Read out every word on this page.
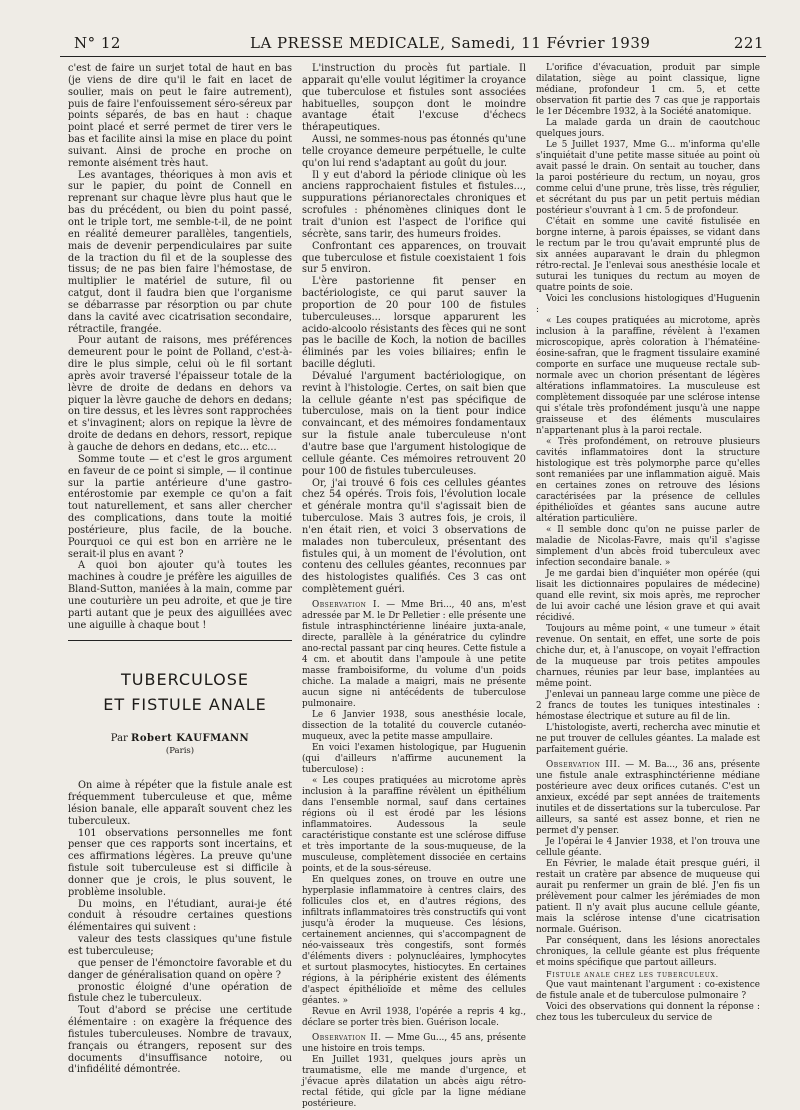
N° 12	LA PRESSE MEDICALE, Samedi, 11 Février 1939	221

c'est de faire un surjet total de haut en bas (je viens de dire qu'il le fait en lacet de soulier, mais on peut le faire autrement), puis de faire l'enfouissement séro-séreux par points séparés, de bas en haut : chaque point placé et serré permet de tirer vers le bas et facilite ainsi la mise en place du point suivant. Ainsi de proche en proche on remonte aisément très haut.

Les avantages, théoriques à mon avis et sur le papier, du point de Connell en reprenant sur chaque lèvre plus haut que le bas du précédent, ou bien du point passé, ont le triple tort, me semble-t-il, de ne point en réalité demeurer parallèles, tangentiels, mais de devenir perpendiculaires par suite de la traction du fil et de la souplesse des tissus; de ne pas bien faire l'hémostase, de multiplier le matériel de suture, fil ou catgut, dont il faudra bien que l'organisme se débarrasse par résorption ou par chute dans la cavité avec cicatrisation secondaire, rétractile, frangée.

Pour autant de raisons, mes préférences demeurent pour le point de Polland, c'est-à-dire le plus simple, celui où le fil sortant après avoir traversé l'épaisseur totale de la lèvre de droite de dedans en dehors va piquer la lèvre gauche de dehors en dedans; on tire dessus, et les lèvres sont rapprochées et s'invaginent; alors on repique la lèvre de droite de dedans en dehors, ressort, repique à gauche de dehors en dedans, etc... etc...

Somme toute — et c'est le gros argument en faveur de ce point si simple, — il continue sur la partie antérieure d'une gastro-entérostomie par exemple ce qu'on a fait tout naturellement, et sans aller chercher des complications, dans toute la moitié postérieure, plus facile, de la bouche. Pourquoi ce qui est bon en arrière ne le serait-il plus en avant ?

A quoi bon ajouter qu'à toutes les machines à coudre je préfère les aiguilles de Bland-Sutton, maniées à la main, comme par une couturière un peu adroite, et que je tire parti autant que je peux des aiguillées avec une aiguille à chaque bout !

TUBERCULOSE

ET FISTULE ANALE

Par Robert KAUFMANN
(Paris)

On aime à répéter que la fistule anale est fréquemment tuberculeuse et que, même lésion banale, elle apparaît souvent chez les tuberculeux.

101 observations personnelles me font penser que ces rapports sont incertains, et ces affirmations légères. La preuve qu'une fistule soit tuberculeuse est si difficile à donner que je crois, le plus souvent, le problème insoluble.

Du moins, en l'étudiant, aurai-je été conduit à résoudre certaines questions élémentaires qui suivent :

valeur des tests classiques qu'une fistule est tuberculeuse;

que penser de l'émonctoire favorable et du danger de généralisation quand on opère ?

pronostic éloigné d'une opération de fistule chez le tuberculeux.

Tout d'abord se précise une certitude élémentaire : on exagère la fréquence des fistules tuberculeuses. Nombre de travaux, français ou étrangers, reposent sur des documents d'insuffisance notoire, ou d'infidélité démontrée.

L'instruction du procès fut partiale. Il apparait qu'elle voulut légitimer la croyance que tuberculose et fistules sont associées habituelles, soupçon dont le moindre avantage était l'excuse d'échecs thérapeutiques.

Aussi, ne sommes-nous pas étonnés qu'une telle croyance demeure perpétuelle, le culte qu'on lui rend s'adaptant au goût du jour.

Il y eut d'abord la période clinique où les anciens rapprochaient fistules et fistules..., suppurations périanorectales chroniques et scrofules : phénomènes cliniques dont le trait d'union est l'aspect de l'orifice qui sécrète, sans tarir, des humeurs froides.

Confrontant ces apparences, on trouvait que tuberculose et fistule coexistaient 1 fois sur 5 environ.

L'ère pastorienne fit penser en bactériologiste, ce qui parut sauver la proportion de 20 pour 100 de fistules tuberculeuses... lorsque apparurent les acido-alcoolo résistants des fèces qui ne sont pas le bacille de Koch, la notion de bacilles éliminés par les voies biliaires; enfin le bacille dégluti.

Dévalué l'argument bactériologique, on revint à l'histologie. Certes, on sait bien que la cellule géante n'est pas spécifique de tuberculose, mais on la tient pour indice convaincant, et des mémoires fondamentaux sur la fistule anale tuberculeuse n'ont d'autre base que l'argument histologique de cellule géante. Ces mémoires retrouvent 20 pour 100 de fistules tuberculeuses.

Or, j'ai trouvé 6 fois ces cellules géantes chez 54 opérés. Trois fois, l'évolution locale et générale montra qu'il s'agissait bien de tuberculose. Mais 3 autres fois, je crois, il n'en était rien, et voici 3 observations de malades non tuberculeux, présentant des fistules qui, à un moment de l'évolution, ont contenu des cellules géantes, reconnues par des histologistes qualifiés. Ces 3 cas ont complètement guéri.

Observation I. — Mme Bri..., 40 ans, m'est adressée par M. le Dr Pelletier : elle présente une fistule intrasphinctérienne linéaire juxta-anale, directe, parallèle à la génératrice du cylindre ano-rectal passant par cinq heures. Cette fistule a 4 cm. et aboutit dans l'ampoule à une petite masse framboisiforme, du volume d'un poids chiche. La malade a maigri, mais ne présente aucun signe ni antécédents de tuberculose pulmonaire.

Le 6 Janvier 1938, sous anesthésie locale, dissection de la totalité du couvercle cutanéo-muqueux, avec la petite masse ampullaire.

En voici l'examen histologique, par Huguenin (qui d'ailleurs n'affirme aucunement la tuberculose) :

« Les coupes pratiquées au microtome après inclusion à la paraffine révèlent un épithélium dans l'ensemble normal, sauf dans certaines régions où il est érodé par les lésions inflammatoires. Audessous la seule caractéristique constante est une sclérose diffuse et très importante de la sous-muqueuse, de la musculeuse, complètement dissociée en certains points, et de la sous-séreuse.

En quelques zones, on trouve en outre une hyperplasie inflammatoire à centres clairs, des follicules clos et, en d'autres régions, des infiltrats inflammatoires très constructifs qui vont jusqu'à éroder la muqueuse. Ces lésions, certainement anciennes, qui s'accompagnent de néo-vaisseaux très congestifs, sont formés d'éléments divers : polynucléaires, lymphocytes et surtout plasmocytes, histiocytes. En certaines régions, à la périphérie existent des éléments d'aspect épithélioïde et même des cellules géantes. »

Revue en Avril 1938, l'opérée a repris 4 kg., déclare se porter très bien. Guérison locale.

Observation II. — Mme Gu..., 45 ans, présente une histoire en trois temps.

En Juillet 1931, quelques jours après un traumatisme, elle me mande d'urgence, et j'évacue après dilatation un abcès aigu rétro-rectal fétide, qui gîcle par la ligne médiane postérieure.

L'orifice d'évacuation, produit par simple dilatation, siège au point classique, ligne médiane, profondeur 1 cm. 5, et cette observation fit partie des 7 cas que je rapportais le 1er Décembre 1932, à la Société anatomique.

La malade garda un drain de caoutchouc quelques jours.

Le 5 Juillet 1937, Mme G... m'informa qu'elle s'inquiétait d'une petite masse située au point où avait passé le drain. On sentait au toucher, dans la paroi postérieure du rectum, un noyau, gros comme celui d'une prune, très lisse, très régulier, et sécrétant du pus par un petit pertuis médian postérieur s'ouvrant à 1 cm. 5 de profondeur.

C'était en somme une cavité fistulisée en borgne interne, à parois épaisses, se vidant dans le rectum par le trou qu'avait emprunté plus de six années auparavant le drain du phlegmon rétro-rectal. Je l'enlevai sous anesthésie locale et suturai les tuniques du rectum au moyen de quatre points de soie.

Voici les conclusions histologiques d'Huguenin :

« Les coupes pratiquées au microtome, après inclusion à la paraffine, révèlent à l'examen microscopique, après coloration à l'hématéine-éosine-safran, que le fragment tissulaire examiné comporte en surface une muqueuse rectale sub-normale avec un chorion présentant de légères altérations inflammatoires. La musculeuse est complètement dissoquée par une sclérose intense qui s'étale très profondément jusqu'à une nappe graisseuse et des éléments musculaires n'appartenant plus à la paroi rectale.

« Très profondément, on retrouve plusieurs cavités inflammatoires dont la structure histologique est très polymorphe parce qu'elles sont remaniées par une inflammation aiguë. Mais en certaines zones on retrouve des lésions caractérisées par la présence de cellules épithélioïdes et géantes sans aucune autre altération particulière.

« Il semble donc qu'on ne puisse parler de maladie de Nicolas-Favre, mais qu'il s'agisse simplement d'un abcès froid tuberculeux avec infection secondaire banale. »

Je me gardai bien d'inquiéter mon opérée (qui lisait les dictionnaires populaires de médecine) quand elle revint, six mois après, me reprocher de lui avoir caché une lésion grave et qui avait récidivé.

Toujours au même point, « une tumeur » était revenue. On sentait, en effet, une sorte de pois chiche dur, et, à l'anuscope, on voyait l'effraction de la muqueuse par trois petites ampoules charnues, réunies par leur base, implantées au même point.

J'enlevai un panneau large comme une pièce de 2 francs de toutes les tuniques intestinales : hémostase électrique et suture au fil de lin.

L'histologiste, averti, rechercha avec minutie et ne put trouver de cellules géantes. La malade est parfaitement guérie.

Observation III. — M. Ba..., 36 ans, présente une fistule anale extrasphinctérienne médiane postérieure avec deux orifices cutanés. C'est un anxieux, excédé par sept années de traitements inutiles et de dissertations sur la tuberculose. Par ailleurs, sa santé est assez bonne, et rien ne permet d'y penser.

Je l'opérai le 4 Janvier 1938, et l'on trouva une cellule géante.

En Février, le malade était presque guéri, il restait un cratère par absence de muqueuse qui aurait pu renfermer un grain de blé. J'en fis un prélèvement pour calmer les jérémiades de mon patient. Il n'y avait plus aucune cellule géante, mais la sclérose intense d'une cicatrisation normale. Guérison.

Par conséquent, dans les lésions anorectales chroniques, la cellule géante est plus fréquente et moins spécifique que partout ailleurs.

Fistule anale chez les tuberculeux.

Que vaut maintenant l'argument : co-existence de fistule anale et de tuberculose pulmonaire ?

Voici des observations qui donnent la réponse : chez tous les tuberculeux du service de
